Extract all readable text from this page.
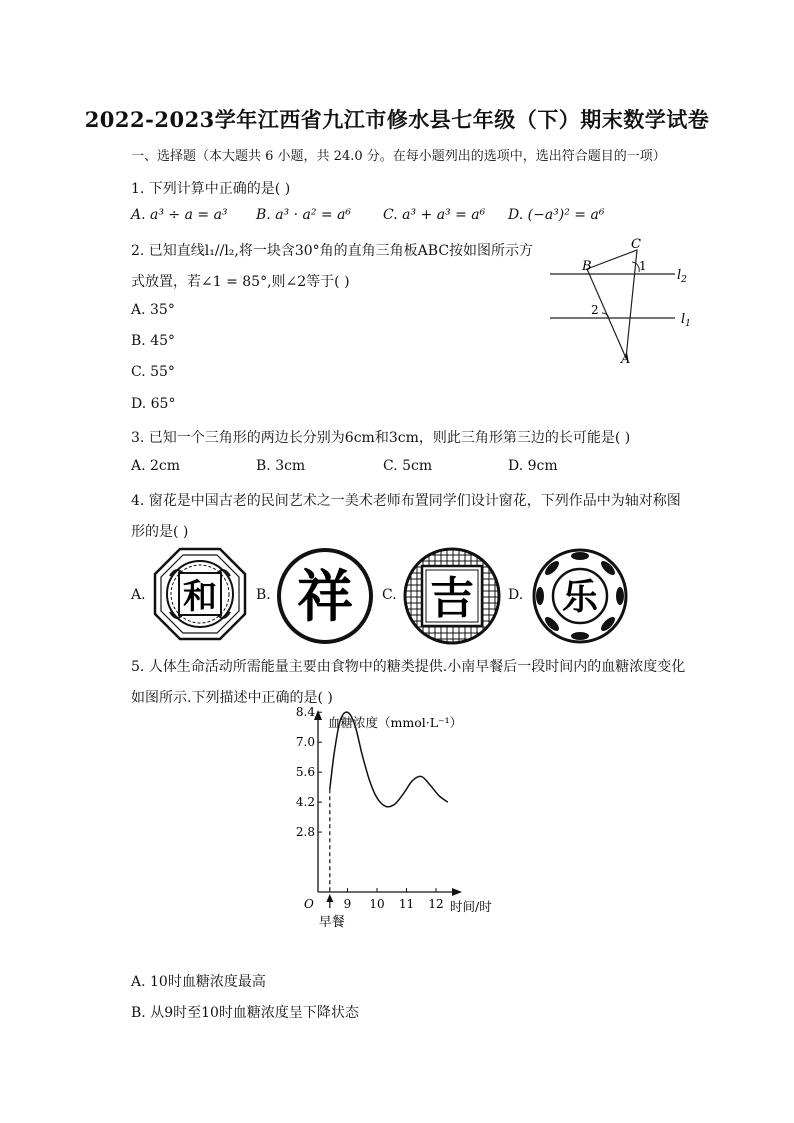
2022-2023学年江西省九江市修水县七年级（下）期末数学试卷
一、选择题（本大题共 6 小题，共 24.0 分。在每小题列出的选项中，选出符合题目的一项）
1. 下列计算中正确的是( )
A. a³ ÷ a = a³ B. a³ · a² = a⁶ C. a³ + a³ = a⁶ D. (−a³)² = a⁶
2. 已知直线l₁//l₂,将一块含30°角的直角三角板ABC按如图所示方
式放置，若∠1 = 85°,则∠2等于( )
A. 35°
B. 45°
C. 55°
D. 65°
C
B
A
1
2
$l_2$
$l_1$
3. 已知一个三角形的两边长分别为6cm和3cm，则此三角形第三边的长可能是( )
A. 2cm	B. 3cm	C. 5cm	D. 9cm
4. 窗花是中国古老的民间艺术之一美术老师布置同学们设计窗花，下列作品中为轴对称图
形的是( )
A. 和	B. 祥 C. 吉 D. 乐
5. 人体生命活动所需能量主要由食物中的糖类提供.小南早餐后一段时间内的血糖浓度变化
如图所示.下列描述中正确的是( )
2.8
4.2
5.6
7.0
8.4
9 10 11 12
O
血糖浓度（mmol·L⁻¹）
时间/时
早餐
A. 10时血糖浓度最高
B. 从9时至10时血糖浓度呈下降状态
